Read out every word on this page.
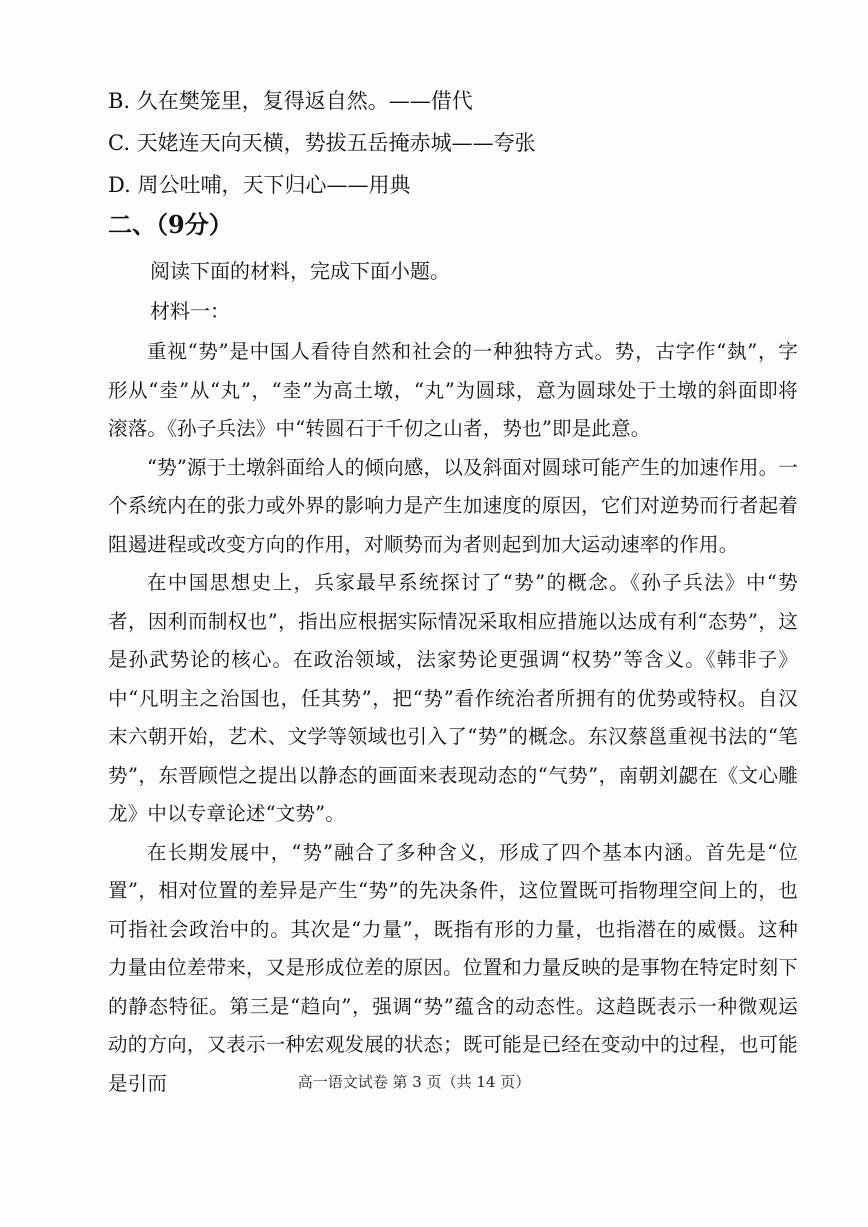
B. 久在樊笼里，复得返自然。——借代
C. 天姥连天向天横，势拔五岳掩赤城——夸张
D. 周公吐哺，天下归心——用典
二、（9分）
阅读下面的材料，完成下面小题。
材料一：

重视“势”是中国人看待自然和社会的一种独特方式。势，古字作“埶”，字形从“坴”从“丸”，“坴”为高土墩，“丸”为圆球，意为圆球处于土墩的斜面即将滚落。《孙子兵法》中“转圆石于千仞之山者，势也”即是此意。

“势”源于土墩斜面给人的倾向感，以及斜面对圆球可能产生的加速作用。一个系统内在的张力或外界的影响力是产生加速度的原因，它们对逆势而行者起着阻遏进程或改变方向的作用，对顺势而为者则起到加大运动速率的作用。

在中国思想史上，兵家最早系统探讨了“势”的概念。《孙子兵法》中“势者，因利而制权也”，指出应根据实际情况采取相应措施以达成有利“态势”，这是孙武势论的核心。在政治领域，法家势论更强调“权势”等含义。《韩非子》中“凡明主之治国也，任其势”，把“势”看作统治者所拥有的优势或特权。自汉末六朝开始，艺术、文学等领域也引入了“势”的概念。东汉蔡邕重视书法的“笔势”，东晋顾恺之提出以静态的画面来表现动态的“气势”，南朝刘勰在《文心雕龙》中以专章论述“文势”。

在长期发展中，“势”融合了多种含义，形成了四个基本内涵。首先是“位置”，相对位置的差异是产生“势”的先决条件，这位置既可指物理空间上的，也可指社会政治中的。其次是“力量”，既指有形的力量，也指潜在的威慑。这种力量由位差带来，又是形成位差的原因。位置和力量反映的是事物在特定时刻下的静态特征。第三是“趋向”，强调“势”蕴含的动态性。这趋既表示一种微观运动的方向，又表示一种宏观发展的状态；既可能是已经在变动中的过程，也可能是引而	高一语文试卷 第 3 页（共 14 页）
